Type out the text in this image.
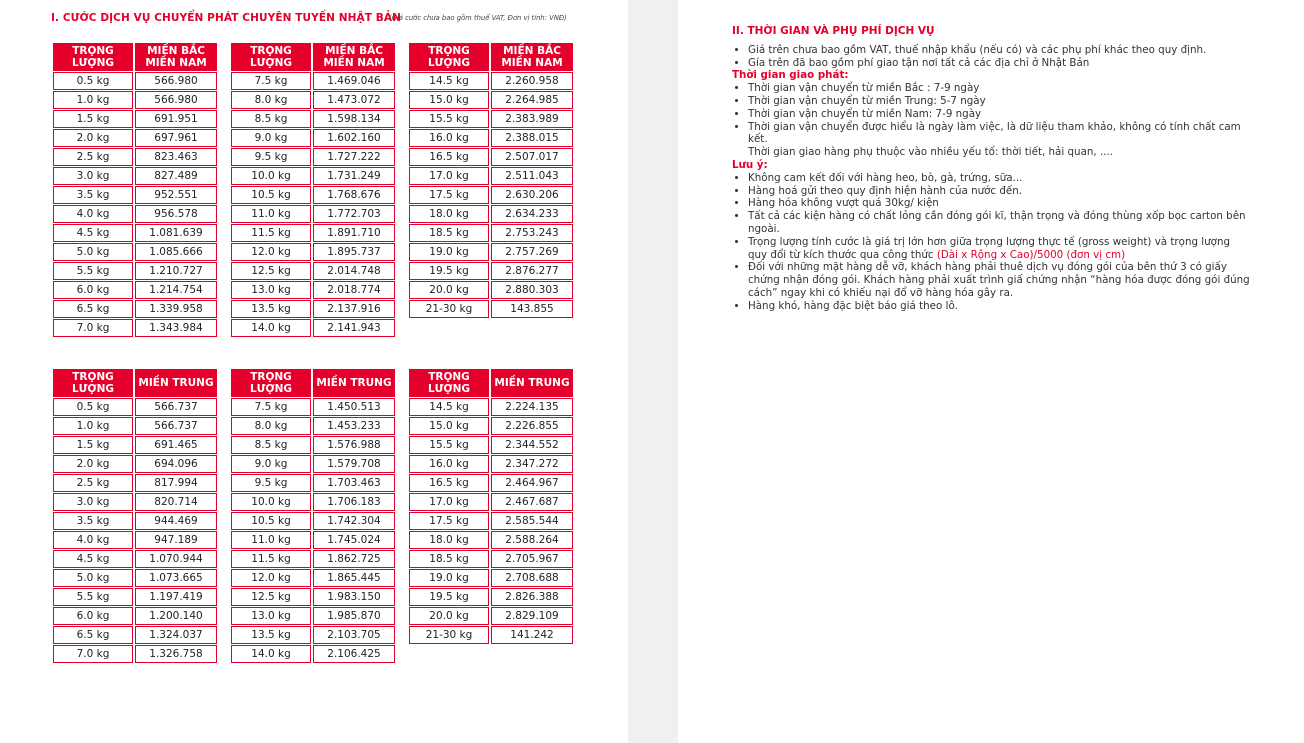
I. CƯỚC DỊCH VỤ CHUYỂN PHÁT CHUYÊN TUYẾN NHẬT BẢN
(Giá cước chưa bao gồm thuế VAT, Đơn vị tính: VNĐ)
TRỌNG LƯỢNG	MIỀN BẮC
MIỀN NAM
0.5 kg	566.980
1.0 kg	566.980
1.5 kg	691.951
2.0 kg	697.961
2.5 kg	823.463
3.0 kg	827.489
3.5 kg	952.551
4.0 kg	956.578
4.5 kg	1.081.639
5.0 kg	1.085.666
5.5 kg	1.210.727
6.0 kg	1.214.754
6.5 kg	1.339.958
7.0 kg	1.343.984
TRỌNG LƯỢNG	MIỀN BẮC
MIỀN NAM
7.5 kg	1.469.046
8.0 kg	1.473.072
8.5 kg	1.598.134
9.0 kg	1.602.160
9.5 kg	1.727.222
10.0 kg	1.731.249
10.5 kg	1.768.676
11.0 kg	1.772.703
11.5 kg	1.891.710
12.0 kg	1.895.737
12.5 kg	2.014.748
13.0 kg	2.018.774
13.5 kg	2.137.916
14.0 kg	2.141.943
TRỌNG LƯỢNG	MIỀN BẮC
MIỀN NAM
14.5 kg	2.260.958
15.0 kg	2.264.985
15.5 kg	2.383.989
16.0 kg	2.388.015
16.5 kg	2.507.017
17.0 kg	2.511.043
17.5 kg	2.630.206
18.0 kg	2.634.233
18.5 kg	2.753.243
19.0 kg	2.757.269
19.5 kg	2.876.277
20.0 kg	2.880.303
21-30 kg	143.855
TRỌNG LƯỢNG	MIỀN TRUNG
0.5 kg	566.737
1.0 kg	566.737
1.5 kg	691.465
2.0 kg	694.096
2.5 kg	817.994
3.0 kg	820.714
3.5 kg	944.469
4.0 kg	947.189
4.5 kg	1.070.944
5.0 kg	1.073.665
5.5 kg	1.197.419
6.0 kg	1.200.140
6.5 kg	1.324.037
7.0 kg	1.326.758
TRỌNG LƯỢNG	MIỀN TRUNG
7.5 kg	1.450.513
8.0 kg	1.453.233
8.5 kg	1.576.988
9.0 kg	1.579.708
9.5 kg	1.703.463
10.0 kg	1.706.183
10.5 kg	1.742.304
11.0 kg	1.745.024
11.5 kg	1.862.725
12.0 kg	1.865.445
12.5 kg	1.983.150
13.0 kg	1.985.870
13.5 kg	2.103.705
14.0 kg	2.106.425
TRỌNG LƯỢNG	MIỀN TRUNG
14.5 kg	2.224.135
15.0 kg	2.226.855
15.5 kg	2.344.552
16.0 kg	2.347.272
16.5 kg	2.464.967
17.0 kg	2.467.687
17.5 kg	2.585.544
18.0 kg	2.588.264
18.5 kg	2.705.967
19.0 kg	2.708.688
19.5 kg	2.826.388
20.0 kg	2.829.109
21-30 kg	141.242
II. THỜI GIAN VÀ PHỤ PHÍ DỊCH VỤ
• Giá trên chưa bao gồm VAT, thuế nhập khẩu (nếu có) và các phụ phí khác theo quy định.
• Gía trên đã bao gồm phí giao tận nơi tất cả các địa chỉ ở Nhật Bản
Thời gian giao phát:
• Thời gian vận chuyển từ miền Bắc : 7-9 ngày
• Thời gian vận chuyển từ miền Trung: 5-7 ngày
• Thời gian vận chuyển từ miền Nam: 7-9 ngày
• Thời gian vận chuyển được hiểu là ngày làm việc, là dữ liệu tham khảo, không có tính chất cam kết.
Thời gian giao hàng phụ thuộc vào nhiều yếu tố: thời tiết, hải quan, ....
Lưu ý:
• Không cam kết đối với hàng heo, bò, gà, trứng, sữa...
• Hàng hoá gửi theo quy định hiện hành của nước đến.
• Hàng hóa không vượt quá 30kg/ kiện
• Tất cả các kiện hàng có chất lỏng cần đóng gói kĩ, thận trọng và đóng thùng xốp bọc carton bên ngoài.
• Trọng lượng tính cước là giá trị lớn hơn giữa trọng lượng thực tế (gross weight) và trọng lượng quy đổi từ kích thước qua công thức (Dài x Rộng x Cao)/5000 (đơn vị cm)
• Đối với những mặt hàng dễ vỡ, khách hàng phải thuê dịch vụ đóng gói của bên thứ 3 có giấy chứng nhận đóng gói. Khách hàng phải xuất trình giấ chứng nhận “hàng hóa được đóng gói đúng cách” ngay khi có khiếu nại đổ vỡ hàng hóa gây ra.
• Hàng khó, hàng đặc biệt báo giá theo lô.
